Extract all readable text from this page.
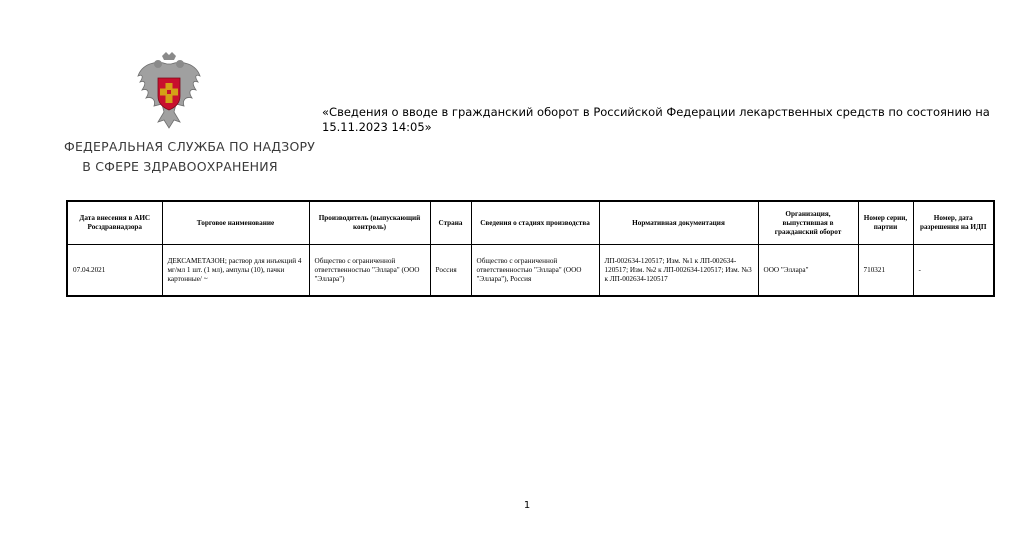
ФЕДЕРАЛЬНАЯ СЛУЖБА ПО НАДЗОРУ
В СФЕРЕ ЗДРАВООХРАНЕНИЯ
«Сведения о вводе в гражданский оборот в Российской Федерации лекарственных средств по состоянию на 15.11.2023 14:05»
Дата внесения в АИС Росздравнадзора	Торговое наименование	Производитель (выпускающий контроль)	Страна	Сведения о стадиях производства	Нормативная документация	Организация, выпустившая в гражданский оборот	Номер серии, партии	Номер, дата разрешения на ИДП
07.04.2021	ДЕКСАМЕТАЗОН; раствор для инъекций 4 мг/мл 1 шт. (1 мл), ампулы (10), пачки картонные/ ~	Общество с ограниченной ответственностью "Эллара" (ООО "Эллара")	Россия	Общество с ограниченной ответственностью "Эллара" (ООО "Эллара"), Россия	ЛП-002634-120517; Изм. №1 к ЛП-002634-120517; Изм. №2 к ЛП-002634-120517; Изм. №3 к ЛП-002634-120517	ООО "Эллара"	710321	-
1
